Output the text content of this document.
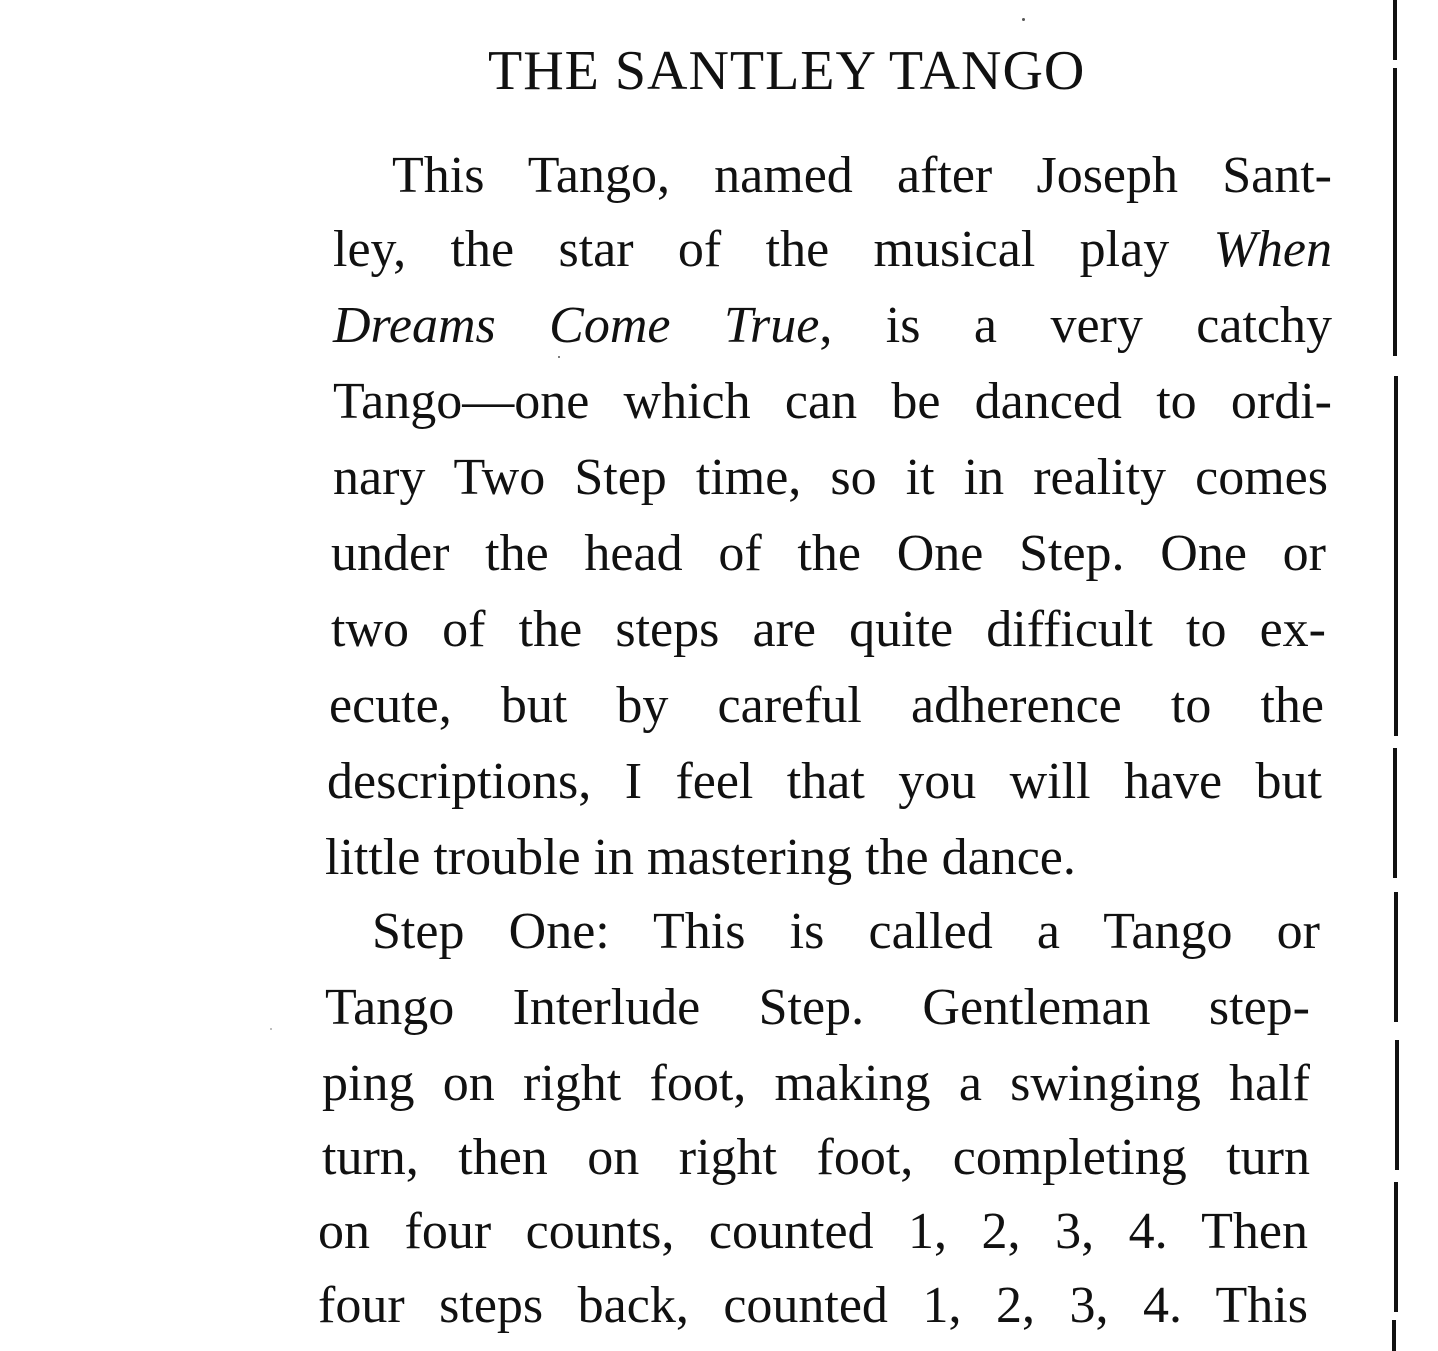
THE SANTLEY TANGO
This Tango, named after Joseph Sant-
ley, the star of the musical play When
Dreams Come True, is a very catchy
Tango—one which can be danced to ordi-
nary Two Step time, so it in reality comes
under the head of the One Step. One or
two of the steps are quite difficult to ex-
ecute, but by careful adherence to the
descriptions, I feel that you will have but
little trouble in mastering the dance.
Step One: This is called a Tango or
Tango Interlude Step. Gentleman step-
ping on right foot, making a swinging half
turn, then on right foot, completing turn
on four counts, counted 1, 2, 3, 4. Then
four steps back, counted 1, 2, 3, 4. This
